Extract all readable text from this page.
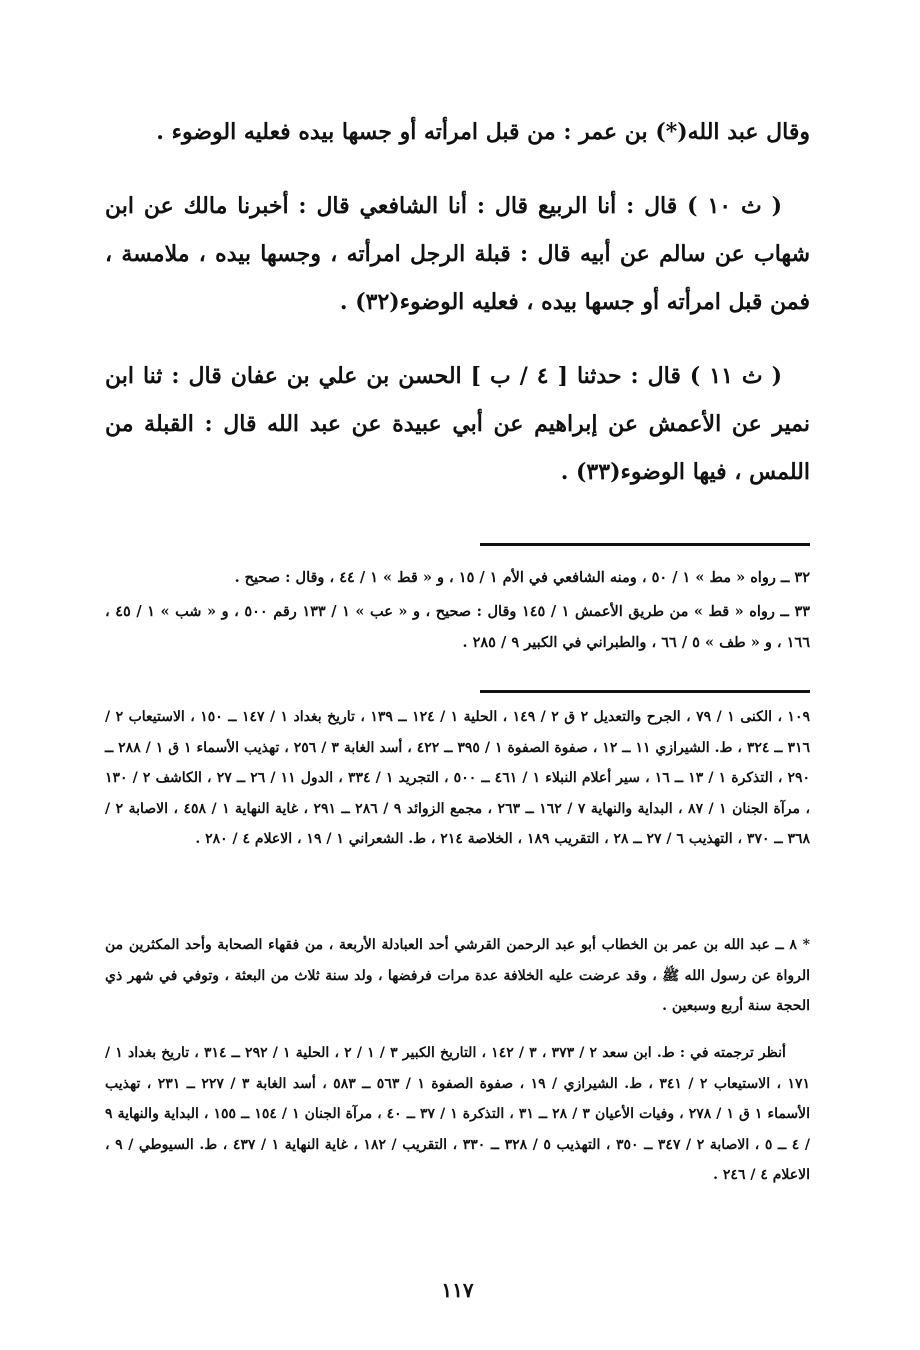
وقال عبد الله(*) بن عمر : من قبل امرأته أو جسها بيده فعليه الوضوء .

( ث ١٠ ) قال : أنا الربيع قال : أنا الشافعي قال : أخبرنا مالك عن ابن شهاب عن سالم عن أبيه قال : قبلة الرجل امرأته ، وجسها بيده ، ملامسة ، فمن قبل امرأته أو جسها بيده ، فعليه الوضوء(٣٢) .

( ث ١١ ) قال : حدثنا [ ٤ / ب ] الحسن بن علي بن عفان قال : ثنا ابن نمير عن الأعمش عن إبراهيم عن أبي عبيدة عن عبد الله قال : القبلة من اللمس ، فيها الوضوء(٣٣) .

٣٢ ــ رواه « مط » ١ / ٥٠ ، ومنه الشافعي في الأم ١ / ١٥ ، و « قط » ١ / ٤٤ ، وقال : صحيح .

٣٣ ــ رواه « قط » من طريق الأعمش ١ / ١٤٥ وقال : صحيح ، و « عب » ١ / ١٣٣ رقم ٥٠٠ ، و « شب » ١ / ٤٥ ، ١٦٦ ، و « طف » ٥ / ٦٦ ، والطبراني في الكبير ٩ / ٢٨٥ .

١٠٩ ، الكنى ١ / ٧٩ ، الجرح والتعديل ٢ ق ٢ / ١٤٩ ، الحلية ١ / ١٢٤ ــ ١٣٩ ، تاريخ بغداد ١ / ١٤٧ ــ ١٥٠ ، الاستيعاب ٢ / ٣١٦ ــ ٣٢٤ ، ط. الشيرازي ١١ ــ ١٢ ، صفوة الصفوة ١ / ٣٩٥ ــ ٤٢٢ ، أسد الغابة ٣ / ٢٥٦ ، تهذيب الأسماء ١ ق ١ / ٢٨٨ ــ ٢٩٠ ، التذكرة ١ / ١٣ ــ ١٦ ، سير أعلام النبلاء ١ / ٤٦١ ــ ٥٠٠ ، التجريد ١ / ٣٣٤ ، الدول ١١ / ٢٦ ــ ٢٧ ، الكاشف ٢ / ١٣٠ ، مرآة الجنان ١ / ٨٧ ، البداية والنهاية ٧ / ١٦٢ ــ ٢٦٣ ، مجمع الزوائد ٩ / ٢٨٦ ــ ٢٩١ ، غاية النهاية ١ / ٤٥٨ ، الاصابة ٢ / ٣٦٨ ــ ٣٧٠ ، التهذيب ٦ / ٢٧ ــ ٢٨ ، التقريب ١٨٩ ، الخلاصة ٢١٤ ، ط. الشعراني ١ / ١٩ ، الاعلام ٤ / ٢٨٠ .

* ٨ ــ عبد الله بن عمر بن الخطاب أبو عبد الرحمن القرشي أحد العبادلة الأربعة ، من فقهاء الصحابة وأحد المكثرين من الرواة عن رسول الله ﷺ ، وقد عرضت عليه الخلافة عدة مرات فرفضها ، ولد سنة ثلاث من البعثة ، وتوفي في شهر ذي الحجة سنة أربع وسبعين .

أنظر ترجمته في : ط. ابن سعد ٢ / ٣٧٣ ، ٣ / ١٤٢ ، التاريخ الكبير ٣ / ١ / ٢ ، الحلية ١ / ٢٩٢ ــ ٣١٤ ، تاريخ بغداد ١ / ١٧١ ، الاستيعاب ٢ / ٣٤١ ، ط. الشيرازي / ١٩ ، صفوة الصفوة ١ / ٥٦٣ ــ ٥٨٣ ، أسد الغابة ٣ / ٢٢٧ ــ ٢٣١ ، تهذيب الأسماء ١ ق ١ / ٢٧٨ ، وفيات الأعيان ٣ / ٢٨ ــ ٣١ ، التذكرة ١ / ٣٧ ــ ٤٠ ، مرآة الجنان ١ / ١٥٤ ــ ١٥٥ ، البداية والنهاية ٩ / ٤ ــ ٥ ، الاصابة ٢ / ٣٤٧ ــ ٣٥٠ ، التهذيب ٥ / ٣٢٨ ــ ٣٣٠ ، التقريب / ١٨٢ ، غاية النهاية ١ / ٤٣٧ ، ط. السيوطي / ٩ ، الاعلام ٤ / ٢٤٦ .

١١٧
